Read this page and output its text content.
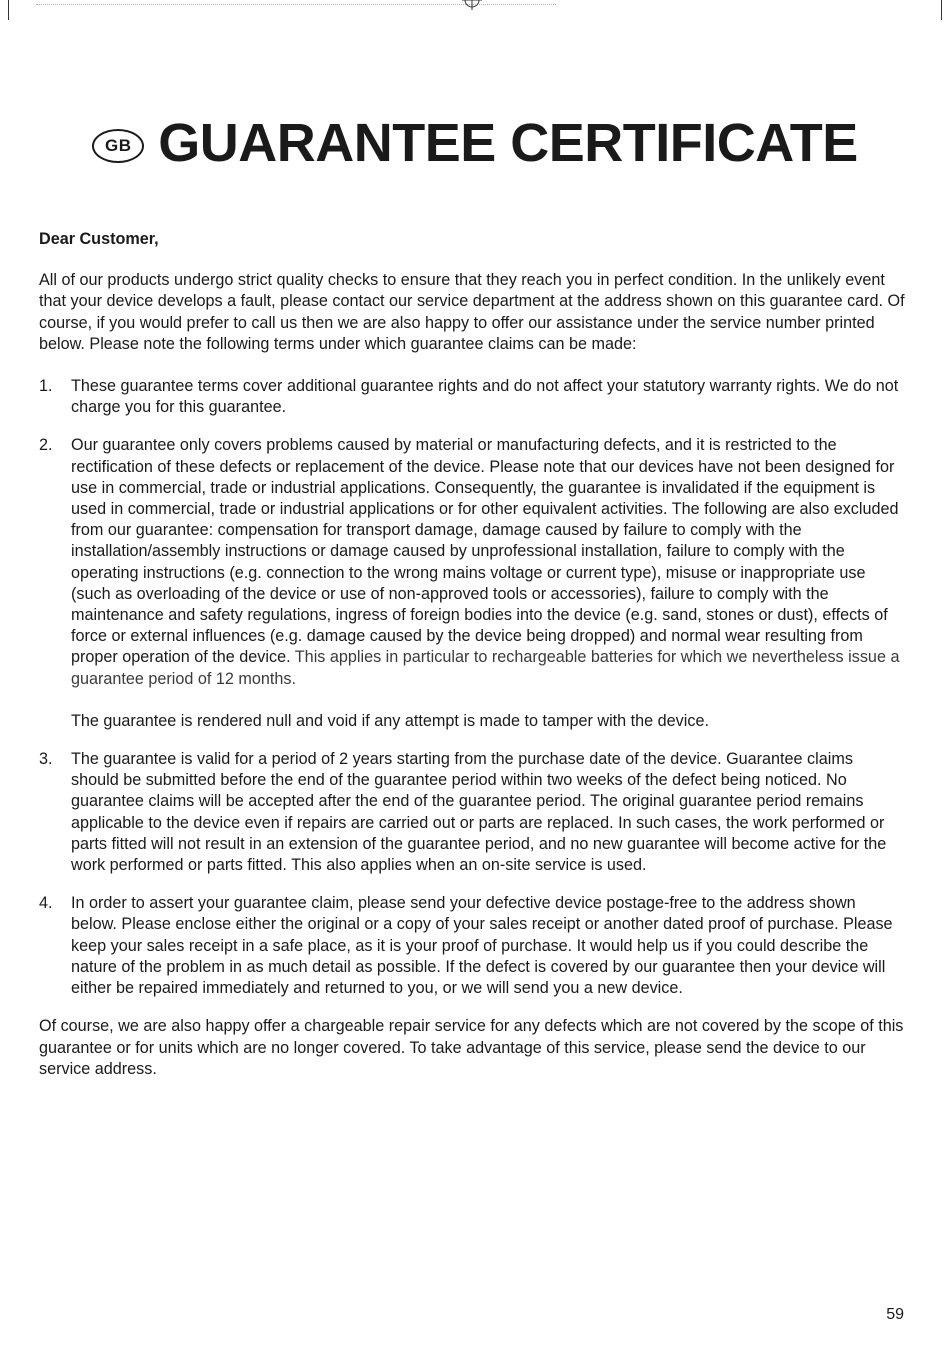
GB GUARANTEE CERTIFICATE

Dear Customer,

All of our products undergo strict quality checks to ensure that they reach you in perfect condition. In the unlikely event that your device develops a fault, please contact our service department at the address shown on this guarantee card. Of course, if you would prefer to call us then we are also happy to offer our assistance under the service number printed below. Please note the following terms under which guarantee claims can be made:

1.	These guarantee terms cover additional guarantee rights and do not affect your statutory warranty rights. We do not charge you for this guarantee.

2.	Our guarantee only covers problems caused by material or manufacturing defects, and it is restricted to the rectification of these defects or replacement of the device. Please note that our devices have not been designed for use in commercial, trade or industrial applications. Consequently, the guarantee is invalidated if the equipment is used in commercial, trade or industrial applications or for other equivalent activities. The following are also excluded from our guarantee: compensation for transport damage, damage caused by failure to comply with the installation/assembly instructions or damage caused by unprofessional installation, failure to comply with the operating instructions (e.g. connection to the wrong mains voltage or current type), misuse or inappropriate use (such as overloading of the device or use of non-approved tools or accessories), failure to comply with the maintenance and safety regulations, ingress of foreign bodies into the device (e.g. sand, stones or dust), effects of force or external influences (e.g. damage caused by the device being dropped) and normal wear resulting from proper operation of the device. This applies in particular to rechargeable batteries for which we nevertheless issue a guarantee period of 12 months.

The guarantee is rendered null and void if any attempt is made to tamper with the device.

3.	The guarantee is valid for a period of 2 years starting from the purchase date of the device. Guarantee claims should be submitted before the end of the guarantee period within two weeks of the defect being noticed. No guarantee claims will be accepted after the end of the guarantee period. The original guarantee period remains applicable to the device even if repairs are carried out or parts are replaced. In such cases, the work performed or parts fitted will not result in an extension of the guarantee period, and no new guarantee will become active for the work performed or parts fitted. This also applies when an on-site service is used.

4.	In order to assert your guarantee claim, please send your defective device postage-free to the address shown below. Please enclose either the original or a copy of your sales receipt or another dated proof of purchase. Please keep your sales receipt in a safe place, as it is your proof of purchase. It would help us if you could describe the nature of the problem in as much detail as possible. If the defect is covered by our guarantee then your device will either be repaired immediately and returned to you, or we will send you a new device.

Of course, we are also happy offer a chargeable repair service for any defects which are not covered by the scope of this guarantee or for units which are no longer covered. To take advantage of this service, please send the device to our service address.

59
